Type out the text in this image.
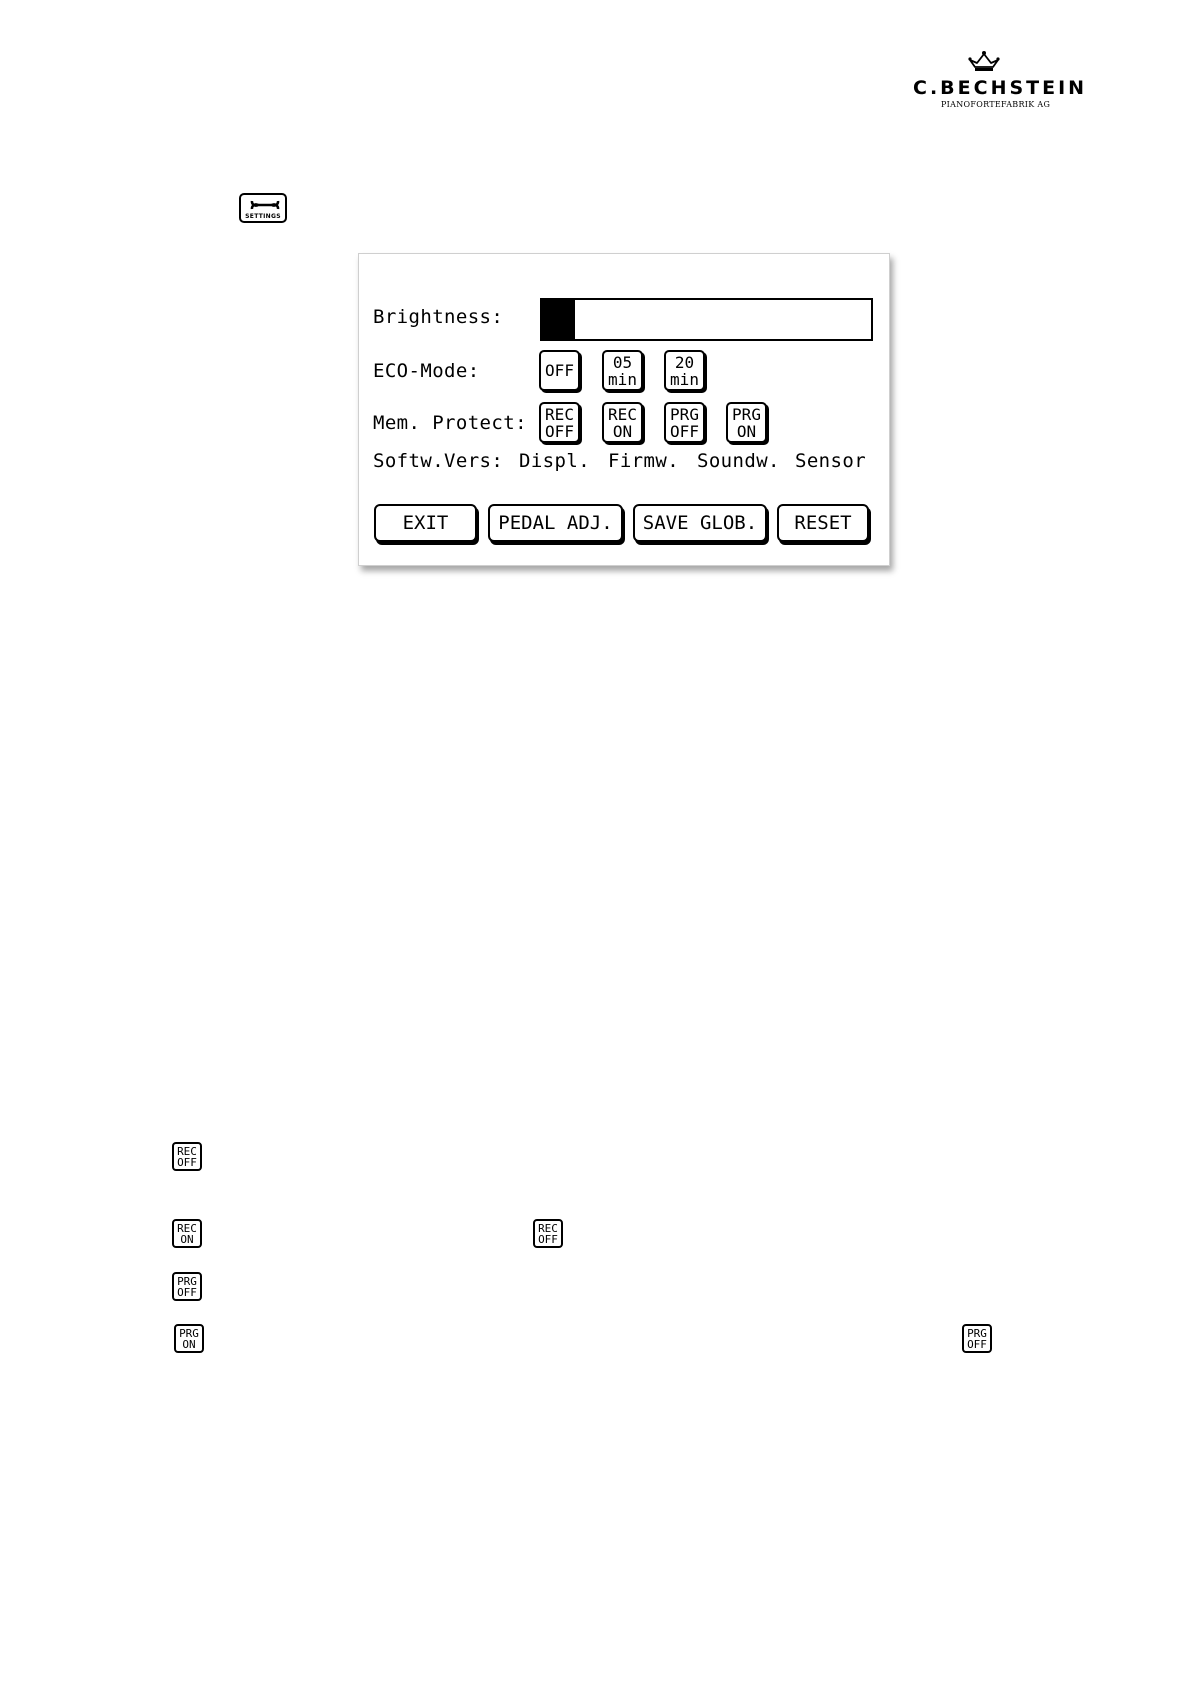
C.BECHSTEIN
PIANOFORTEFABRIK AG
SETTINGS
Brightness:
ECO-Mode:	OFF 05
min
20
min
Mem. Protect: REC
OFF
REC
ON
PRG
OFF
PRG
ON
Softw.Vers: Displ. Firmw. Soundw. Sensor
EXIT	PEDAL ADJ.	SAVE GLOB.	RESET
REC
OFF
REC
ON
REC
OFF
PRG
OFF
PRG
ON
PRG
OFF
